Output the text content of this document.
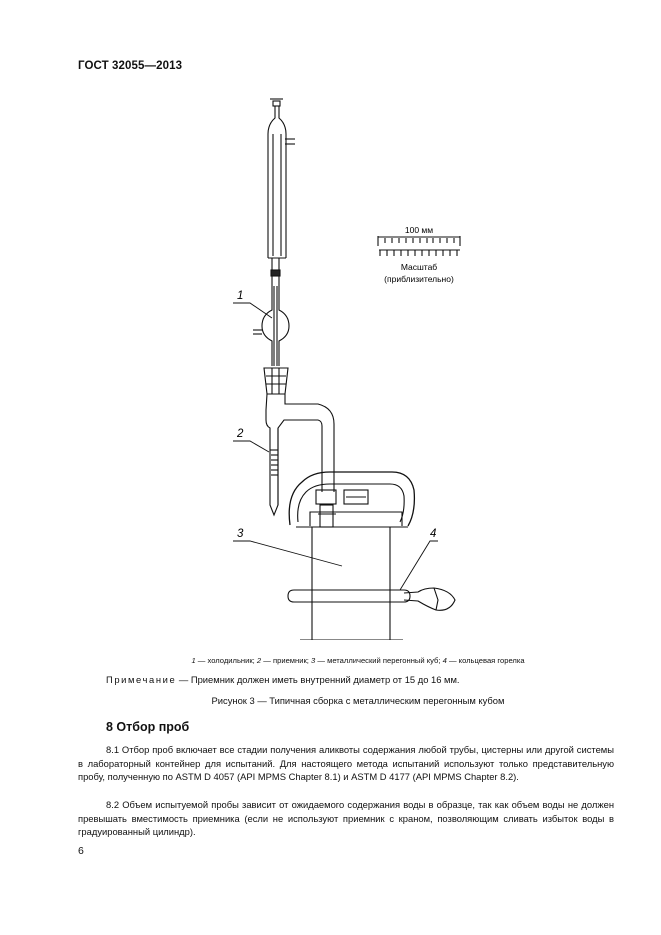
ГОСТ 32055—2013
100 мм
Масштаб
(приблизительно)
1
2
3	4
1 — холодильник; 2 — приемник; 3 — металлический перегонный куб; 4 — кольцевая горелка
Примечание — Приемник должен иметь внутренний диаметр от 15 до 16 мм.
Рисунок 3 — Типичная сборка с металлическим перегонным кубом
8 Отбор проб

8.1 Отбор проб включает все стадии получения аликвоты содержания любой трубы, цистерны или другой системы в лабораторный контейнер для испытаний. Для настоящего метода испытаний используют только представительную пробу, полученную по ASTM D 4057 (API MPMS Chapter 8.1) и ASTM D 4177 (API MPMS Chapter 8.2).

8.2 Объем испытуемой пробы зависит от ожидаемого содержания воды в образце, так как объем воды не должен превышать вместимость приемника (если не используют приемник с краном, позволяющим сливать избыток воды в градуированный цилиндр).

6
